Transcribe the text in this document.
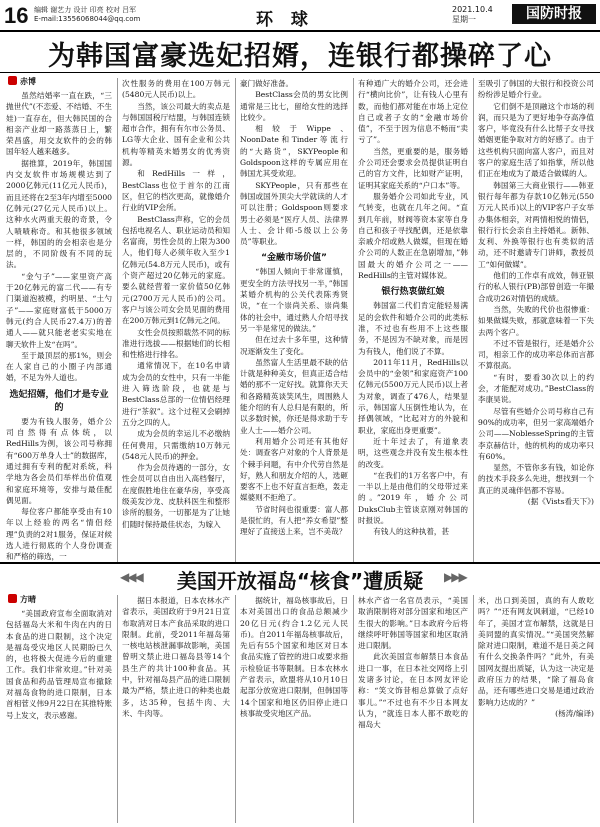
16 编辑 谢艺力 设计 印亮 校对 吕军
E-mail:13556068044@qq.com	环 球
2021.10.4
星期一	国防时报
为韩国富豪选妃招婿，连银行都操碎了心
赤博

虽然结婚率一直在跌，“三抛世代”(不恋爱、不结婚、不生娃)一直存在，但大韩民国的合相亲产业却一路蒸蒸日上，繁荣昌盛，用交友软件的会的韩国年轻人越来越多。

据推算，2019年，韩国国内交友软件市场规模达到了2000亿韩元(11亿元人民币)，而且还将在2至3年内增至5000亿韩元(27亿元人民币)以上。这种水火两重天般的奇景，令人啧啧称奇。和其他很多领域一样，韩国的的会相亲也是分层的，不同阶级有不同的玩法。

“金勺子”——家里资产高于20亿韩元的富二代——有专门渠道泡被模，约明星、“土勺子”——家庭财富低于5000万韩元(约合人民币27.4万)的普通人——就只能老老实实地在聊天软件上发“在吗”。

至于最顶层的那1%，则会在人家自己的小圈子内部通婚，不足为外人道也。

选妃招婿，他们才是专业的

要为有钱人服务，婚介公司自然得有点体统，以RedHills为例，该公司号称拥有“600万单身人士”的数据库，通过拥有专利的配对系统，科学地为各会员们举样出价值观和家庭环境等，安排与最佳配偶见面。

每位客户都能享受由有10年以上经验的两名“情侣经理”负责的2对1服务，保证对候选人进行彻底的个人身份调查和严格的筛选，一

次性服务的费用在100万韩元(5480元人民币)以上。

当然，该公司最大的卖点是与韩国国税厅结盟，与韩国连锁超市合作，拥有有尔市公务员、LG等大企业、国有企业和公共机构等精英未婚男女的优秀资源。

和RedHills一样，BestClass也位于首尔的江南区，但它的档次更高，就像婚介行业的VIP会所。

BestClass声称，它的会员包括电视名人、职业运动员和知名富商，男性会员的上限为300人，他们每人必须年收入至少1亿韩元(54.8万元人民币)，或有个资产超过20亿韩元的家庭。要么就经营着一家价值50亿韩元(2700万元人民币)的公司。客户与该公司女会员见面的费用在200万韩元到1亿韩元之间。

女性会员按照载然不同的标准进行选拔——根据她们的长相和性格进行排名。

通常情况下，在10名申请成为会员的女性中，只有一半能进入筛选阶段，也就是与BestClass总部的一位情侣经理进行“茶叙”。这个过程又会刷掉五分之四的人。

成为会员的幸运儿不必缴纳任何费用，只需缴纳10万韩元(548元人民币)的押金。

作为会员待遇的一部分，女性会员可以自由出入高档餐厅，在度假胜地住在豪华房，享受高级美发沙龙、皮肤科医生和整形诊所的服务，一切都是为了让她们随时保持最佳状态，为嫁入

豪门做好准备。

BestClass会员的男女比例通常是三比七，留给女性的选择比较少。

相较于Wippe、NoonDate和Tinder等流行的“大路货”，SKYPeople和Goldspoon这样的专属应用在韩国尤其受欢迎。

SKYPeople，只有那些在韩国或国外顶尖大学就读的人才可以注册；Goldspoon则要求男士必须是“医疗人员、法律界人士、会计师-5级以上公务员”等职业。

“金融市场价值”

“韩国人倾向于非常谨慎，更安全的方法寻找另一半，”韩国某婚介机构的公关代表陈秀贤说，“在一个崇尚关系、崇尚集体的社会中，通过熟人介绍寻找另一半是常见的做法。”

但在过去十多年里，这种情况逐渐发生了变化。

虽然富人生活里最不缺的估计就是种种美女，但真正适合结婚的那不一定好找。就算你天天和各路精英谈笑风生，周围熟人能介绍的有人总归是有限的，所以多数时候，你还是得求助于专业人士——婚介公司。

利用婚介公司还有其他好处：调查客户对象的个人背景是个棘手问题，有中介代劳自然是好，熟人和朋友介绍的人，选砸要客不上也不好直言拒绝，轰走媒婆则不拒绝了。

节省时间也很重要：富人都是很忙的，有人把“养女希望”整理好了直接送上来，岂不美哉？

有种通广大的婚介公司，还会进行“横向比价”，让有钱人心里有数，而他们都对能在市场上定位自己或者子女的“金融市场价值”，不至于因为信息不畅而“卖亏了”。

当然，更重要的是，服务婚介公司还会要求会员提供证明自己的官方文件，比如财产证明，证明其家庭关系的“户口本”等。

服务婚介公司如此专业，风气转变，也就在几年之间。“直到几年前，财阀等资本家等自身自己和孩子寻找配偶，还是依靠亲戚介绍或熟人做媒，但现在婚介公司的人数正在急剧增加，”韩国最大的婚介公司之一——RedHills的主管对媒体说。

银行热衷做红娘

韩国富二代们肯定能轻易满足的会软件和婚介公司的此类标准，不过也有些用不上这些服务，不是因为不缺对象，而是因为有钱人，他们说了不算。

2011年11月，RedHills以会员中的“金领”和家庭资产100亿韩元(5500万元人民币)以上者为对象，调查了476人，结果显示，韩国富人压倒性地认为，在择偶领域，“比起对方的外貌和职业，家庭出身更重要”。

近十年过去了，有道象表明，这些观念并没有发生根本性的改变。

“在我们的1万名客户中，有一半以上是由他们的父母带过来的。”2019年，婚介公司DuksClub主管谈京刚对韩国的时报说。

有钱人的这种执着，甚

至吸引了韩国的大银行和投资公司纷纷涉足婚介行业。

它们倒不是顶融这个市场的利润，而只是为了更好地争夺高净值客户，毕竟没有什么比帮子女寻找婚姻更能争取对方的好感了。由于这些机构只面向富人客户，而且对客户的家庭生活了如指掌，所以他们正在地成为了最适合做媒的人。

韩国第三大商业银行——韩亚银行每年都为存款10亿韩元(550万元人民币)以上的VIP客户子女举办集体相亲，对两情相悦的情侣，银行行长会亲自主持婚礼。新韩、友利、外换等银行也有类似的活动，还不时邀请专门讲师，教授员工“如何做媒”。

他们的工作卓有成效，韩亚银行的私人银行(PB)部曾创造一年撮合成功26对情侣的成绩。

当然，失败的代价也很惨重：如果做媒失败，那就意味着一下失去两个客户。

不过不管是银行，还是婚介公司，相亲工作的成功率总体而言都不算很高。

“有时，要看30次以上的约会，才能配对成功。”BestClass的李康昊说。

尽管有些婚介公司号称自己有90%的成功率，但另一家高端婚介公司——NoblesseSpring的主管李京赫估计，他的机构的成功率只有60%。

显然，不管你多有钱，如论你的技术手段多么先进，想找到一个真正的灵魂伴侣都不容易。

(据《Vists看天下》)

◀◀◀	美国开放福岛“核食”遭质疑	▶▶▶
方晴

“美国政府宣布全面取消对包括福岛大米和牛肉在内的日本食品的进口限制，这个决定是福岛受灾地区人民期盼已久的，也将极大促进今后的重建工作。我们非常欢迎。”针对美国食品和药品管理局宣布撤除对福岛食物的进口限制，日本首相菅义伟9月22日在其推特账号上发文，表示感谢。

据日本报道，日本农林水产省表示，美国政府于9月21日宣布取消对日本产食品采取的进口限制。此前，受2011年福岛第一核电站核泄漏事故影响，美国曾明文禁止进口福岛县等14个县生产的共计100种食品。其中，针对福岛县产品的进口限制最为严格，禁止进口的种类也最多，达35种，包括牛肉、大米、牛肉等。

据统计，福岛核事故后，日本对美国出口的食品总额减少20亿日元(约合1.2亿元人民币)。自2011年福岛核事故后，先后有55个国家和地区对日本食品实施了管控的进口或要求指示检验证书等限制。日本农林水产省表示，欧盟将从10月10日起部分放宽进口限制，但韩国等14个国家和地区仍旧停止进口核事故受灾地区产品。

林水产省一名官员表示，“美国取消限制将对部分国家和地区产生很大的影响。”日本政府今后将继续呼吁韩国等国家和地区取消进口限制。

此次美国宣布解禁日本食品进口一事，在日本社交网络上引发诸多讨论，在日本网友评论称：“笑文饰昔相总算做了点好事儿。”“不过也有不少日本网友认为，“就连日本人都不敢吃的福岛大

米，出口到美国，真的有人敢吃吗？”“还有网友讽刺道，“已经10年了，美国才宣布解禁，这就是日美同盟的真实情况。”“美国突然解除对进口限制，难道不是日美之间有什么交换条件吗？”此外，有美国网友提出质疑，认为这一决定是政府压力的结果，“除了福岛食品，还有哪些进口交易是通过政治影响力达成的？”

(杨涛/编译)
